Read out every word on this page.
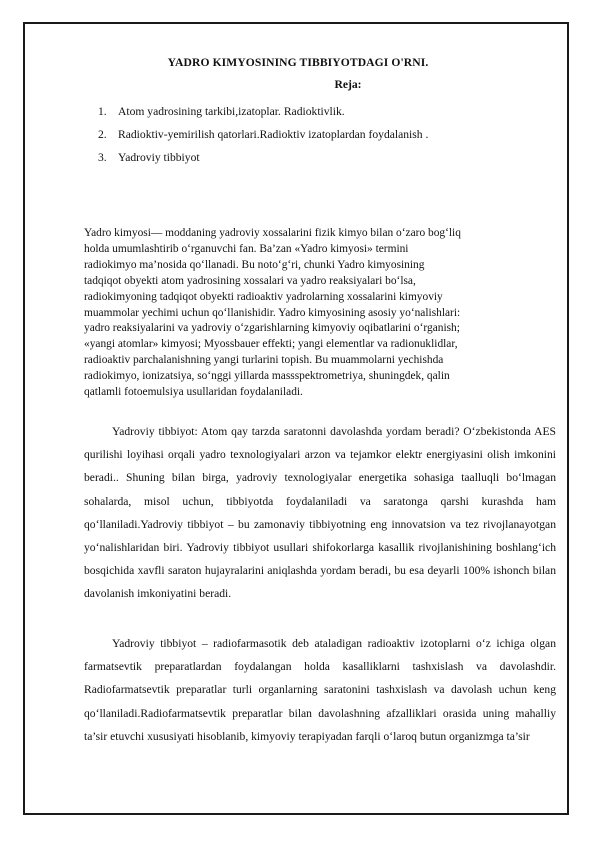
YADRO KIMYOSINING TIBBIYOTDAGI O'RNI.
Reja:
1. Atom yadrosining tarkibi,izatoplar. Radioktivlik.
2. Radioktiv-yemirilish qatorlari.Radioktiv izatoplardan foydalanish .
3. Yadroviy tibbiyot
Yadro kimyosi— moddaning yadroviy xossalarini fizik kimyo bilan o‘zaro bog‘liq
holda umumlashtirib o‘rganuvchi fan. Ba’zan «Yadro kimyosi» termini
radiokimyo ma’nosida qo‘llanadi. Bu noto‘g‘ri, chunki Yadro kimyosining
tadqiqot obyekti atom yadrosining xossalari va yadro reaksiyalari bo‘lsa,
radiokimyoning tadqiqot obyekti radioaktiv yadrolarning xossalarini kimyoviy
muammolar yechimi uchun qo‘llanishidir. Yadro kimyosining asosiy yo‘nalishlari:
yadro reaksiyalarini va yadroviy o‘zgarishlarning kimyoviy oqibatlarini o‘rganish;
«yangi atomlar» kimyosi; Myossbauer effekti; yangi elementlar va radionuklidlar,
radioaktiv parchalanishning yangi turlarini topish. Bu muammolarni yechishda
radiokimyo, ionizatsiya, so‘nggi yillarda massspektrometriya, shuningdek, qalin
qatlamli fotoemulsiya usullaridan foydalaniladi.

Yadroviy tibbiyot: Atom qay tarzda saratonni davolashda yordam beradi? O‘zbekistonda AES qurilishi loyihasi orqali yadro texnologiyalari arzon va tejamkor elektr energiyasini olish imkonini beradi.. Shuning bilan birga, yadroviy texnologiyalar energetika sohasiga taalluqli bo‘lmagan sohalarda, misol uchun, tibbiyotda foydalaniladi va saratonga qarshi kurashda ham qo‘llaniladi.Yadroviy tibbiyot – bu zamonaviy tibbiyotning eng innovatsion va tez rivojlanayotgan yo‘nalishlaridan biri. Yadroviy tibbiyot usullari shifokorlarga kasallik rivojlanishining boshlang‘ich bosqichida xavfli saraton hujayralarini aniqlashda yordam beradi, bu esa deyarli 100% ishonch bilan davolanish imkoniyatini beradi.

Yadroviy tibbiyot – radiofarmasotik deb ataladigan radioaktiv izotoplarni o‘z ichiga olgan farmatsevtik preparatlardan foydalangan holda kasalliklarni tashxislash va davolashdir. Radiofarmatsevtik preparatlar turli organlarning saratonini tashxislash va davolash uchun keng qo‘llaniladi.Radiofarmatsevtik preparatlar bilan davolashning afzalliklari orasida uning mahalliy ta’sir etuvchi xususiyati hisoblanib, kimyoviy terapiyadan farqli o‘laroq butun organizmga ta’sir
